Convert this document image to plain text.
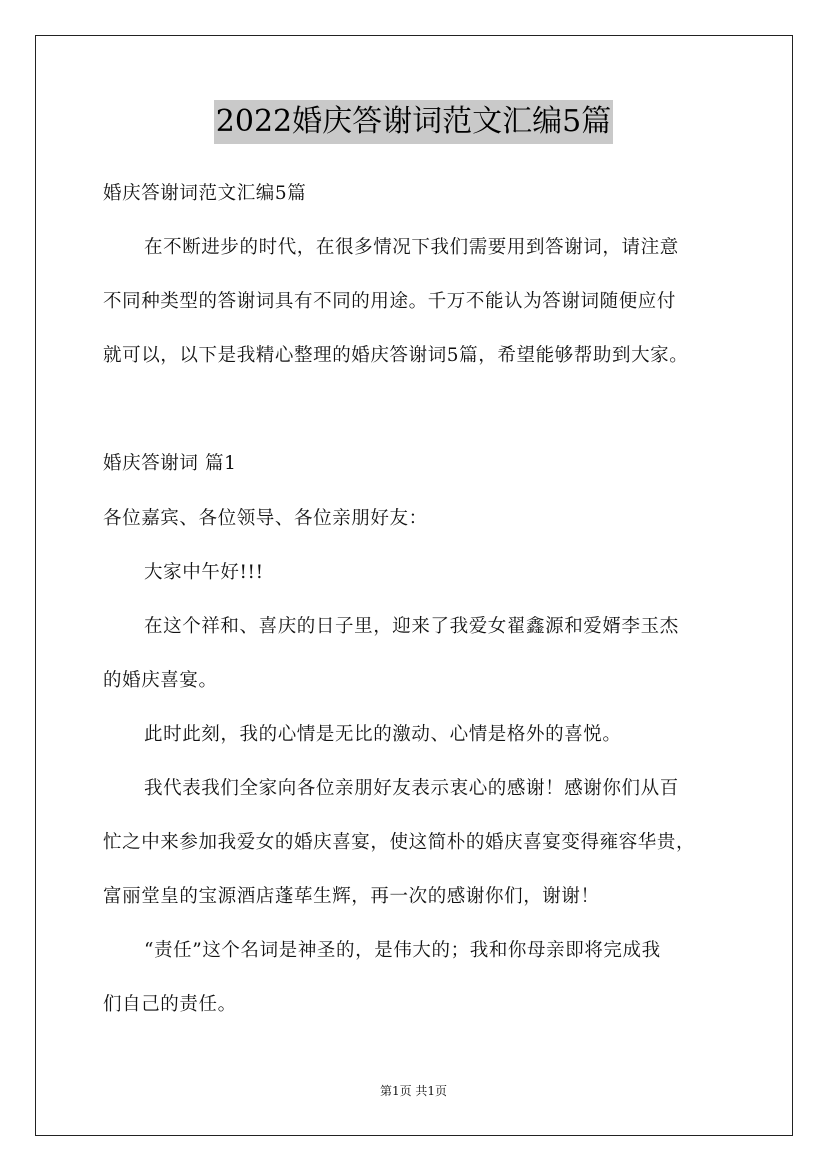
2022婚庆答谢词范文汇编5篇
婚庆答谢词范文汇编5篇
在不断进步的时代，在很多情况下我们需要用到答谢词，请注意
不同种类型的答谢词具有不同的用途。千万不能认为答谢词随便应付
就可以，以下是我精心整理的婚庆答谢词5篇，希望能够帮助到大家。
婚庆答谢词 篇1
各位嘉宾、各位领导、各位亲朋好友：
大家中午好!!!
在这个祥和、喜庆的日子里，迎来了我爱女翟鑫源和爱婿李玉杰
的婚庆喜宴。
此时此刻，我的心情是无比的激动、心情是格外的喜悦。
我代表我们全家向各位亲朋好友表示衷心的感谢！感谢你们从百
忙之中来参加我爱女的婚庆喜宴，使这简朴的婚庆喜宴变得雍容华贵，
富丽堂皇的宝源酒店蓬荜生辉，再一次的感谢你们，谢谢！
“责任”这个名词是神圣的，是伟大的；我和你母亲即将完成我
们自己的责任。
第1页 共1页
